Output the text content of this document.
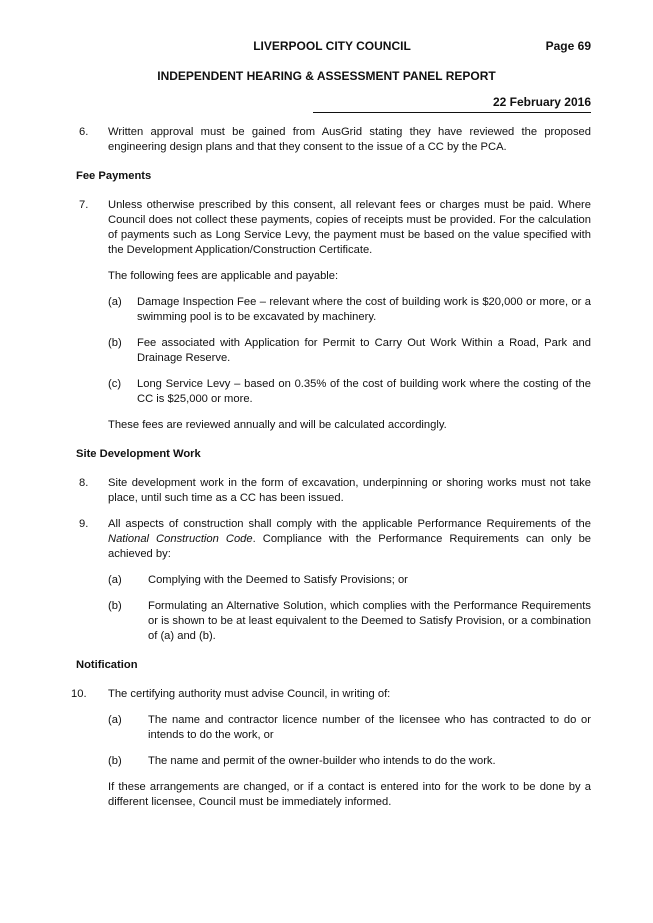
LIVERPOOL CITY COUNCIL	Page 69
INDEPENDENT HEARING & ASSESSMENT PANEL REPORT
22 February 2016
6. Written approval must be gained from AusGrid stating they have reviewed the proposed engineering design plans and that they consent to the issue of a CC by the PCA.

Fee Payments

7. Unless otherwise prescribed by this consent, all relevant fees or charges must be paid. Where Council does not collect these payments, copies of receipts must be provided. For the calculation of payments such as Long Service Levy, the payment must be based on the value specified with the Development Application/Construction Certificate.

The following fees are applicable and payable:

(a) Damage Inspection Fee – relevant where the cost of building work is $20,000 or more, or a swimming pool is to be excavated by machinery.

(b) Fee associated with Application for Permit to Carry Out Work Within a Road, Park and Drainage Reserve.

(c) Long Service Levy – based on 0.35% of the cost of building work where the costing of the CC is $25,000 or more.

These fees are reviewed annually and will be calculated accordingly.

Site Development Work

8. Site development work in the form of excavation, underpinning or shoring works must not take place, until such time as a CC has been issued.

9. All aspects of construction shall comply with the applicable Performance Requirements of the National Construction Code. Compliance with the Performance Requirements can only be achieved by:

(a) Complying with the Deemed to Satisfy Provisions; or

(b) Formulating an Alternative Solution, which complies with the Performance Requirements or is shown to be at least equivalent to the Deemed to Satisfy Provision, or a combination of (a) and (b).

Notification

10. The certifying authority must advise Council, in writing of:

(a) The name and contractor licence number of the licensee who has contracted to do or intends to do the work, or

(b) The name and permit of the owner-builder who intends to do the work.

If these arrangements are changed, or if a contact is entered into for the work to be done by a different licensee, Council must be immediately informed.
